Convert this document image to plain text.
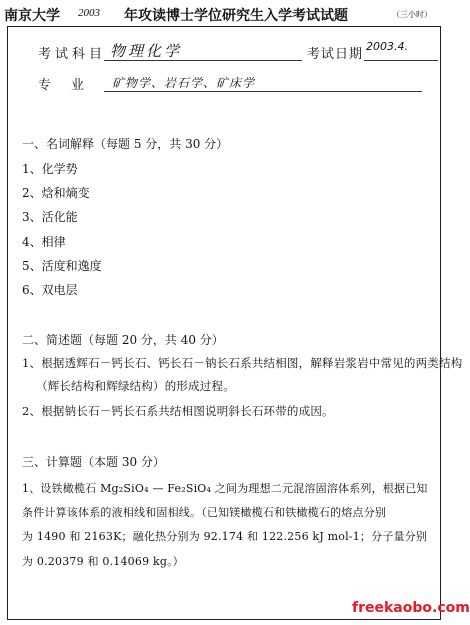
南京大学 2003 年攻读博士学位研究生入学考试试题	（三小时）
考试科目 物理化学	考试日期
2003.4.
专业 矿物学、岩石学、矿床学
一、名词解释（每题 5 分，共 30 分）
1、化学势
2、焓和熵变
3、活化能
4、相律
5、活度和逸度
6、双电层
二、简述题（每题 20 分，共 40 分）
1、根据透辉石－钙长石、钙长石－钠长石系共结相图，解释岩浆岩中常见的两类结构
（辉长结构和辉绿结构）的形成过程。
2、根据钠长石－钙长石系共结相图说明斜长石环带的成因。
三、计算题（本题 30 分）
1、设铁橄榄石 Mg₂SiO₄ — Fe₂SiO₄ 之间为理想二元混溶固溶体系列，根据已知
条件计算该体系的液相线和固相线。（已知镁橄榄石和铁橄榄石的熔点分别
为 1490 和 2163K；融化热分别为 92.174 和 122.256 kJ mol-1；分子量分别
为 0.20379 和 0.14069 kg。）
freekaobo.com
